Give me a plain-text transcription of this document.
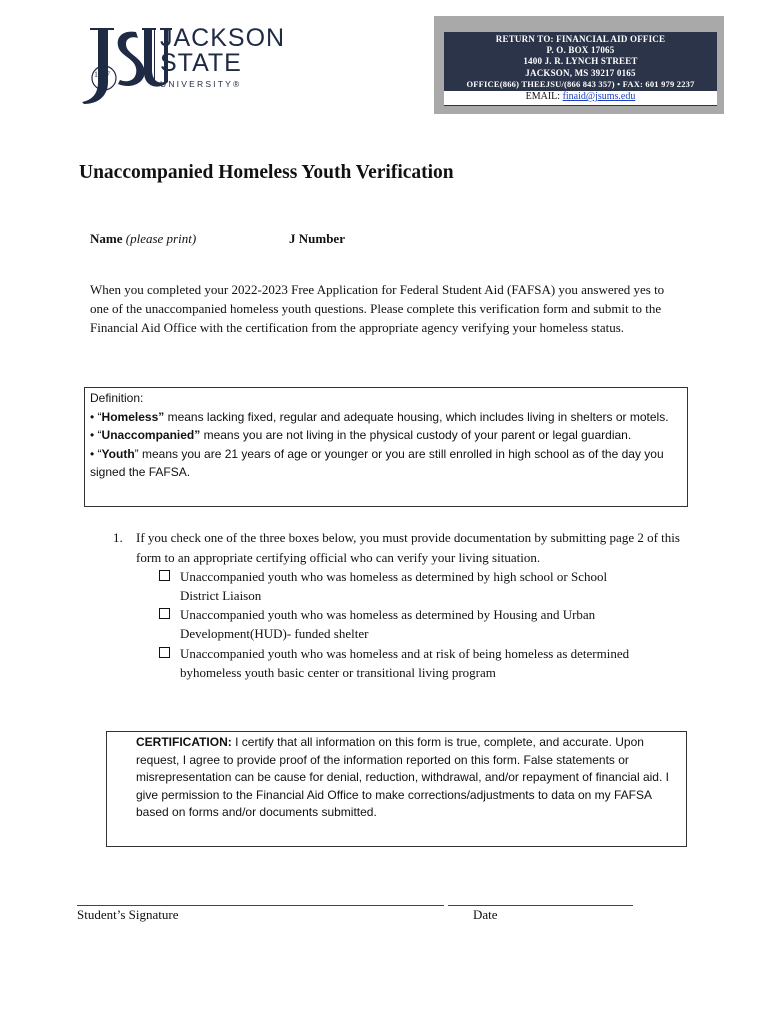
1877
JACKSON
STATE
UNIVERSITY®
RETURN TO: FINANCIAL AID OFFICE
P. O. BOX 17065
1400 J. R. LYNCH STREET
JACKSON, MS 39217 0165
OFFICE(866) THEEJSU/(866 843 357) • FAX: 601 979 2237
EMAIL: finaid@jsums.edu
Unaccompanied Homeless Youth Verification
Name (please print)	J Number
When you completed your 2022-2023 Free Application for Federal Student Aid (FAFSA) you answered yes to one of the unaccompanied homeless youth questions. Please complete this verification form and submit to the Financial Aid Office with the certification from the appropriate agency verifying your homeless status.
Definition:
• “Homeless” means lacking fixed, regular and adequate housing, which includes living in shelters or motels.
• “Unaccompanied” means you are not living in the physical custody of your parent or legal guardian.
• “Youth” means you are 21 years of age or younger or you are still enrolled in high school as of the day you signed the FAFSA.
1. If you check one of the three boxes below, you must provide documentation by submitting page 2 of this form to an appropriate certifying official who can verify your living situation.
Unaccompanied youth who was homeless as determined by high school or School
District Liaison
Unaccompanied youth who was homeless as determined by Housing and Urban
Development(HUD)- funded shelter
Unaccompanied youth who was homeless and at risk of being homeless as determined
byhomeless youth basic center or transitional living program
CERTIFICATION: I certify that all information on this form is true, complete, and accurate. Upon request, I agree to provide proof of the information reported on this form. False statements or misrepresentation can be cause for denial, reduction, withdrawal, and/or repayment of financial aid. I give permission to the Financial Aid Office to make corrections/adjustments to data on my FAFSA based on forms and/or documents submitted.
Student’s Signature	Date
